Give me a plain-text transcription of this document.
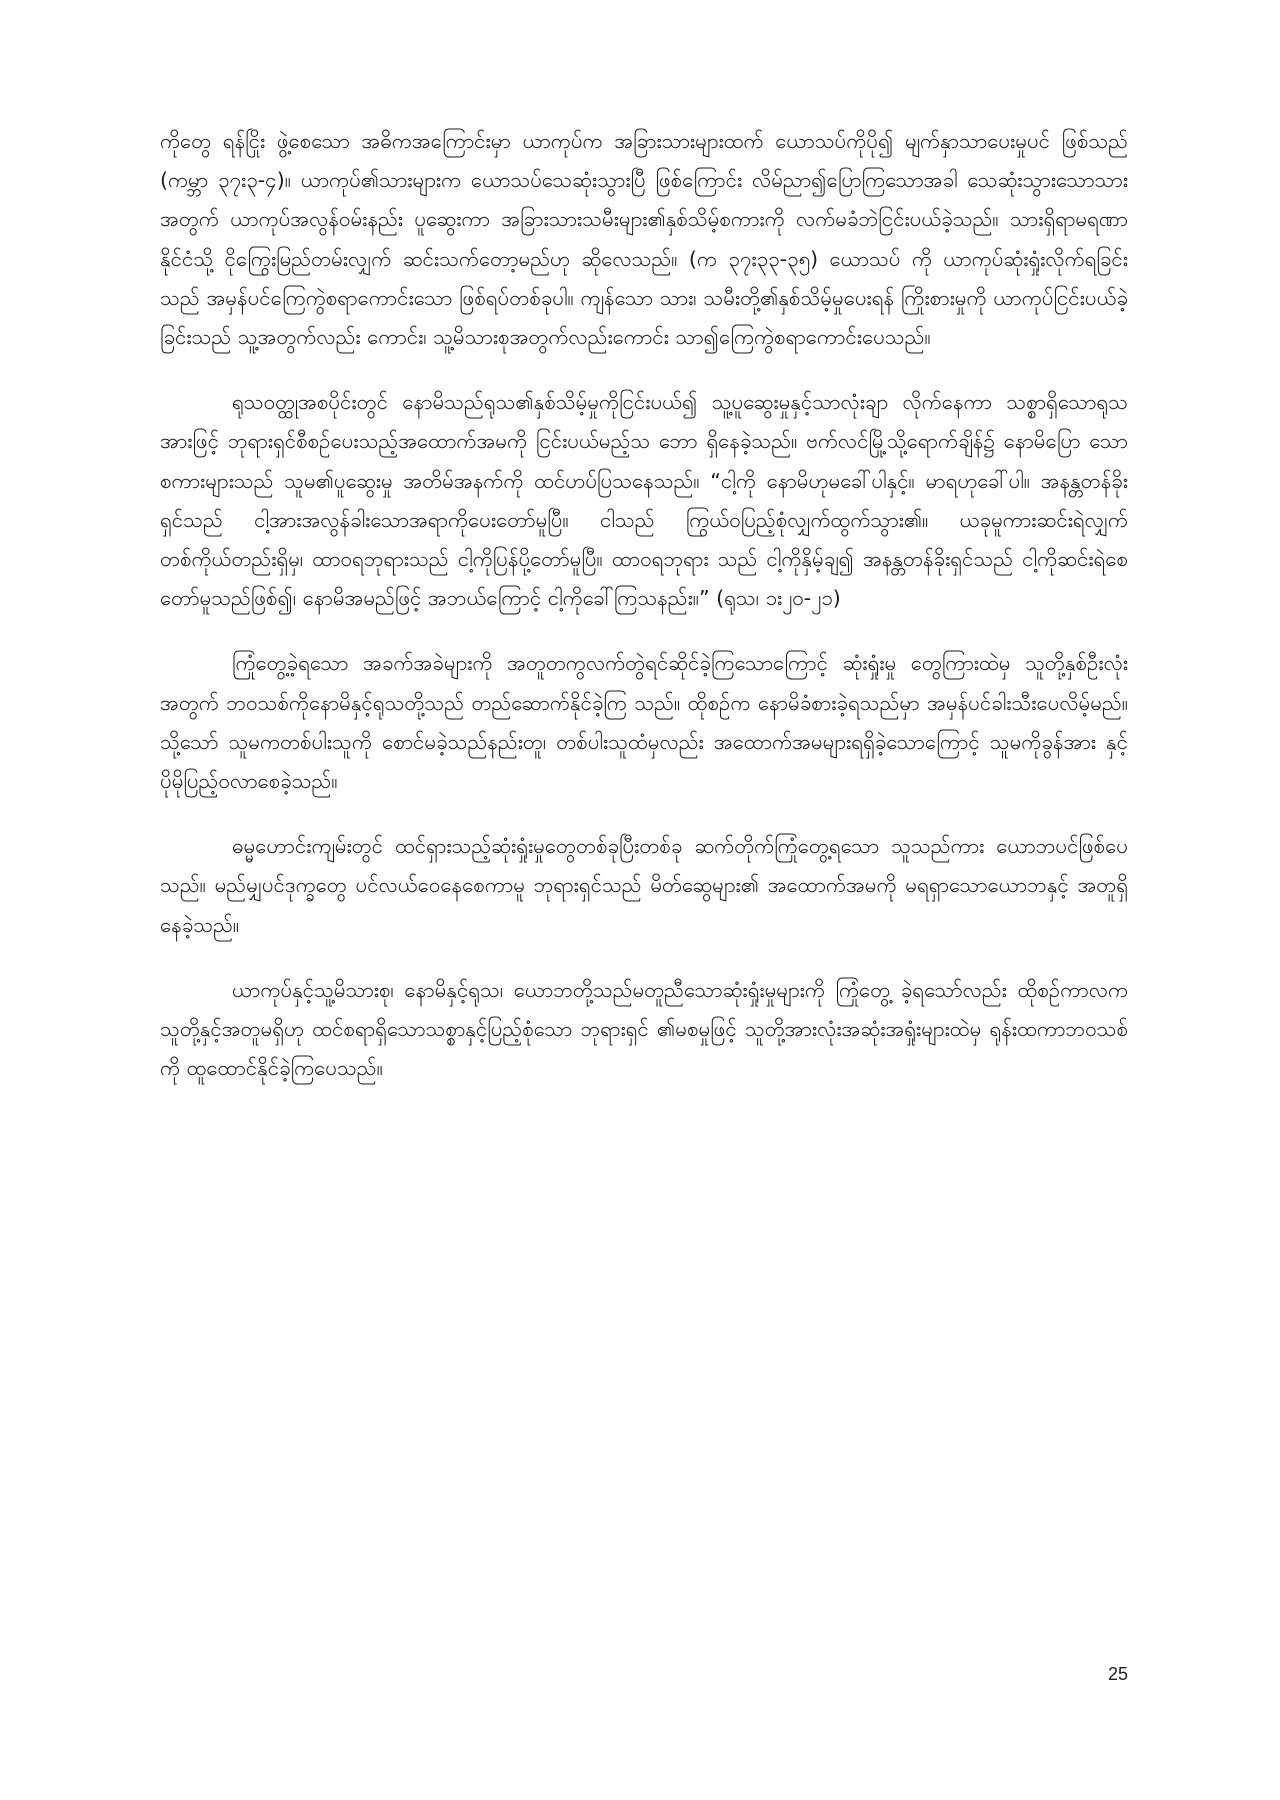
ကိုတွေ ရန်ငြိုး ဖွဲ့စေသော အဓိကအကြောင်းမှာ ယာကုပ်က အခြားသားများထက် ယောသပ်ကိုပို၍ မျက်နှာသာပေးမှုပင် ဖြစ်သည် (ကမ္ဘာ ၃၇း၃-၄)။ ယာကုပ်၏သားများက ယောသပ်သေဆုံးသွားပြီ ဖြစ်ကြောင်း လိမ်ညာ၍ပြောကြသောအခါ သေဆုံးသွားသောသားအတွက် ယာကုပ်အလွန်ဝမ်းနည်း ပူဆွေးကာ အခြားသားသမီးများ၏နှစ်သိမ့်စကားကို လက်မခံဘဲငြင်းပယ်ခဲ့သည်။ သားရှိရာမရဏာ နိုင်ငံသို့ ငိုကြွေးမြည်တမ်းလျှက် ဆင်းသက်တော့မည်ဟု ဆိုလေသည်။ (က ၃၇း၃၃-၃၅) ယောသပ် ကို ယာကုပ်ဆုံးရှုံးလိုက်ရခြင်းသည် အမှန်ပင်ကြေကွဲစရာကောင်းသော ဖြစ်ရပ်တစ်ခုပါ။ ကျန်သော သား၊ သမီးတို့၏နှစ်သိမ့်မှုပေးရန် ကြိုးစားမှုကို ယာကုပ်ငြင်းပယ်ခဲ့ခြင်းသည် သူ့အတွက်လည်း ကောင်း၊ သူ့မိသားစုအတွက်လည်းကောင်း သာ၍ကြေကွဲစရာကောင်းပေသည်။

ရုသဝတ္ထုအစပိုင်းတွင် နောမိသည်ရုသ၏နှစ်သိမ့်မှုကိုငြင်းပယ်၍ သူ့ပူဆွေးမှုနှင့်သာလုံးချာ လိုက်နေကာ သစ္စာရှိသောရုသအားဖြင့် ဘုရားရှင်စီစဉ်ပေးသည့်အထောက်အမကို ငြင်းပယ်မည့်သ ဘော ရှိနေခဲ့သည်။ ဗက်လင်မြို့သို့ရောက်ချိန်၌ နောမိပြော သောစကားများသည် သူမ၏ပူဆွေးမှု အတိမ်အနက်ကို ထင်ဟပ်ပြသနေသည်။ “ငါ့ကို နောမိဟုမခေါ်ပါနှင့်။ မာရဟုခေါ်ပါ။ အနန္တတန်ခိုး ရှင်သည် ငါ့အားအလွန်ခါးသောအရာကိုပေးတော်မူပြီ။ ငါသည် ကြွယ်ဝပြည့်စုံလျှက်ထွက်သွား၏။ ယခုမူကားဆင်းရဲလျှက် တစ်ကိုယ်တည်းရှိမှ၊ ထာဝရဘုရားသည် ငါ့ကိုပြန်ပို့တော်မူပြီ။ ထာဝရဘုရား သည် ငါ့ကိုနှိမ့်ချ၍ အနန္တတန်ခိုးရှင်သည် ငါ့ကိုဆင်းရဲစေတော်မူသည်ဖြစ်၍၊ နောမိအမည်ဖြင့် အဘယ်ကြောင့် ငါ့ကိုခေါ်ကြသနည်း။” (ရုသ၊ ၁း၂၀-၂၁)

ကြုံတွေ့ခဲ့ရသော အခက်အခဲများကို အတူတကွလက်တွဲရင်ဆိုင်ခဲ့ကြသောကြောင့် ဆုံးရှုံးမှု တွေကြားထဲမှ သူတို့နှစ်ဦးလုံးအတွက် ဘဝသစ်ကိုနောမိနှင့်ရုသတို့သည် တည်ဆောက်နိုင်ခဲ့ကြ သည်။ ထိုစဉ်က နောမိခံစားခဲ့ရသည်မှာ အမှန်ပင်ခါးသီးပေလိမ့်မည်။ သို့သော် သူမကတစ်ပါးသူကို စောင်မခဲ့သည်နည်းတူ၊ တစ်ပါးသူထံမှလည်း အထောက်အမများရရှိခဲ့သောကြောင့် သူမကိုခွန်အား နှင့်ပိုမိုပြည့်ဝလာစေခဲ့သည်။

ဓမ္မဟောင်းကျမ်းတွင် ထင်ရှားသည့်ဆုံးရှုံးမှုတွေတစ်ခုပြီးတစ်ခု ဆက်တိုက်ကြုံတွေ့ရသော သူသည်ကား ယောဘပင်ဖြစ်ပေသည်။ မည်မျှပင်ဒုက္ခတွေ ပင်လယ်ဝေနေစေကာမူ ဘုရားရှင်သည် မိတ်ဆွေများ၏ အထောက်အမကို မရရှာသောယောဘနှင့် အတူရှိနေခဲ့သည်။

ယာကုပ်နှင့်သူ့မိသားစု၊ နောမိနှင့်ရုသ၊ ယောဘတို့သည်မတူညီသောဆုံးရှုံးမှုများကို ကြုံတွေ့ ခဲ့ရသော်လည်း ထိုစဉ်ကာလက သူတို့နှင့်အတူမရှိဟု ထင်စရာရှိသောသစ္စာနှင့်ပြည့်စုံသော ဘုရားရှင် ၏မစမှုဖြင့် သူတို့အားလုံးအဆုံးအရှုံးများထဲမှ ရုန်းထကာဘဝသစ်ကို ထူထောင်နိုင်ခဲ့ကြပေသည်။

25
